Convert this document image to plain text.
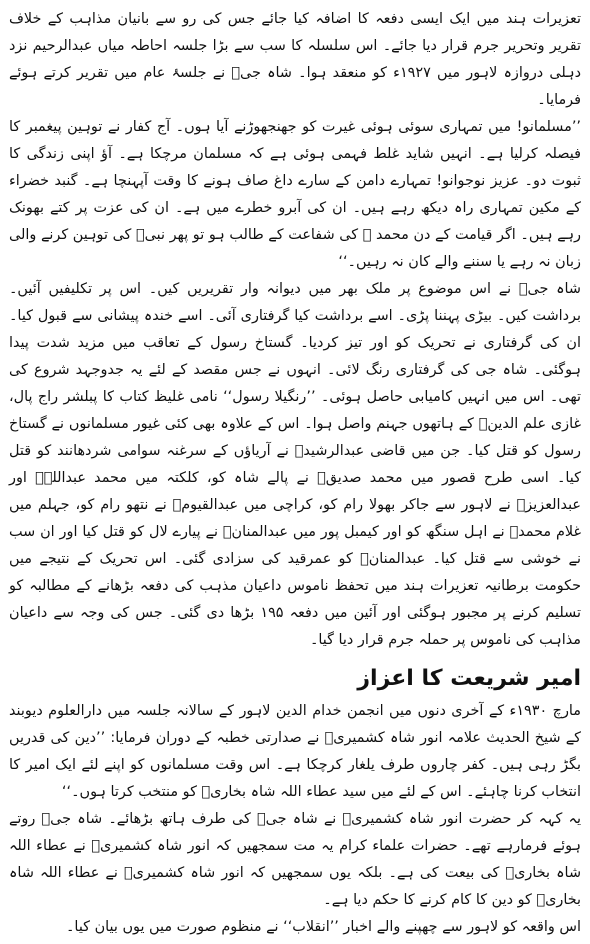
تعزیرات ہند میں ایک ایسی دفعہ کا اضافہ کیا جائے جس کی رو سے بانیان مذاہب کے خلاف تقریر وتحریر جرم قرار دیا جائے۔ اس سلسلہ کا سب سے بڑا جلسہ احاطہ میاں عبدالرحیم نزد دہلی دروازہ لاہور میں ۱۹۲۷ء کو منعقد ہوا۔ شاہ جیؒ نے جلسۂ عام میں تقریر کرتے ہوئے فرمایا۔

’’مسلمانو! میں تمہاری سوئی ہوئی غیرت کو جھنجھوڑنے آیا ہوں۔ آج کفار نے توہین پیغمبر کا فیصلہ کرلیا ہے۔ انہیں شاید غلط فہمی ہوئی ہے کہ مسلمان مرچکا ہے۔ آؤ اپنی زندگی کا ثبوت دو۔ عزیز نوجوانو! تمہارے دامن کے سارے داغ صاف ہونے کا وقت آپہنچا ہے۔ گنبد خضراء کے مکین تمہاری راہ دیکھ رہے ہیں۔ ان کی آبرو خطرے میں ہے۔ ان کی عزت پر کتے بھونک رہے ہیں۔ اگر قیامت کے دن محمد ﷺ کی شفاعت کے طالب ہو تو پھر نبیؐ کی توہین کرنے والی زبان نہ رہے یا سننے والے کان نہ رہیں۔‘‘

شاہ جیؒ نے اس موضوع پر ملک بھر میں دیوانہ وار تقریریں کیں۔ اس پر تکلیفیں آئیں۔ برداشت کیں۔ بیڑی پہننا پڑی۔ اسے برداشت کیا گرفتاری آئی۔ اسے خندہ پیشانی سے قبول کیا۔ ان کی گرفتاری نے تحریک کو اور تیز کردیا۔ گستاخ رسول کے تعاقب میں مزید شدت پیدا ہوگئی۔ شاہ جی کی گرفتاری رنگ لائی۔ انہوں نے جس مقصد کے لئے یہ جدوجہد شروع کی تھی۔ اس میں انہیں کامیابی حاصل ہوئی۔ ’’رنگیلا رسول‘‘ نامی غلیظ کتاب کا پبلشر راج پال، غازی علم الدینؒ کے ہاتھوں جہنم واصل ہوا۔ اس کے علاوہ بھی کئی غیور مسلمانوں نے گستاخ رسول کو قتل کیا۔ جن میں قاضی عبدالرشیدؒ نے آریاؤں کے سرغنہ سوامی شردھانند کو قتل کیا۔ اسی طرح قصور میں محمد صدیقؒ نے پالے شاہ کو، کلکتہ میں محمد عبداللہؒ اور عبدالعزیزؒ نے لاہور سے جاکر بھولا رام کو، کراچی میں عبدالقیومؒ نے نتھو رام کو، جہلم میں غلام محمدؒ نے اہل سنگھ کو اور کیمبل پور میں عبدالمنانؒ نے پیارے لال کو قتل کیا اور ان سب نے خوشی سے قتل کیا۔ عبدالمنانؒ کو عمرقید کی سزادی گئی۔ اس تحریک کے نتیجے میں حکومت برطانیہ تعزیرات ہند میں تحفظ ناموس داعیان مذہب کی دفعہ بڑھانے کے مطالبہ کو تسلیم کرنے پر مجبور ہوگئی اور آئین میں دفعہ ۱۹۵ بڑھا دی گئی۔ جس کی وجہ سے داعیان مذاہب کی ناموس پر حملہ جرم قرار دیا گیا۔

امیر شریعت کا اعزاز

مارچ ۱۹۳۰ء کے آخری دنوں میں انجمن خدام الدین لاہور کے سالانہ جلسہ میں دارالعلوم دیوبند کے شیخ الحدیث علامہ انور شاہ کشمیریؒ نے صدارتی خطبہ کے دوران فرمایا: ’’دین کی قدریں بگڑ رہی ہیں۔ کفر چاروں طرف یلغار کرچکا ہے۔ اس وقت مسلمانوں کو اپنے لئے ایک امیر کا انتخاب کرنا چاہئے۔ اس کے لئے میں سید عطاء اللہ شاہ بخاریؒ کو منتخب کرتا ہوں۔‘‘

یہ کہہ کر حضرت انور شاہ کشمیریؒ نے شاہ جیؒ کی طرف ہاتھ بڑھائے۔ شاہ جیؒ روتے ہوئے فرمارہے تھے۔ حضرات علماء کرام یہ مت سمجھیں کہ انور شاہ کشمیریؒ نے عطاء اللہ شاہ بخاریؒ کی بیعت کی ہے۔ بلکہ یوں سمجھیں کہ انور شاہ کشمیریؒ نے عطاء اللہ شاہ بخاریؒ کو دین کا کام کرنے کا حکم دیا ہے۔

اس واقعہ کو لاہور سے چھپنے والے اخبار ’’انقلاب‘‘ نے منظوم صورت میں یوں بیان کیا۔
